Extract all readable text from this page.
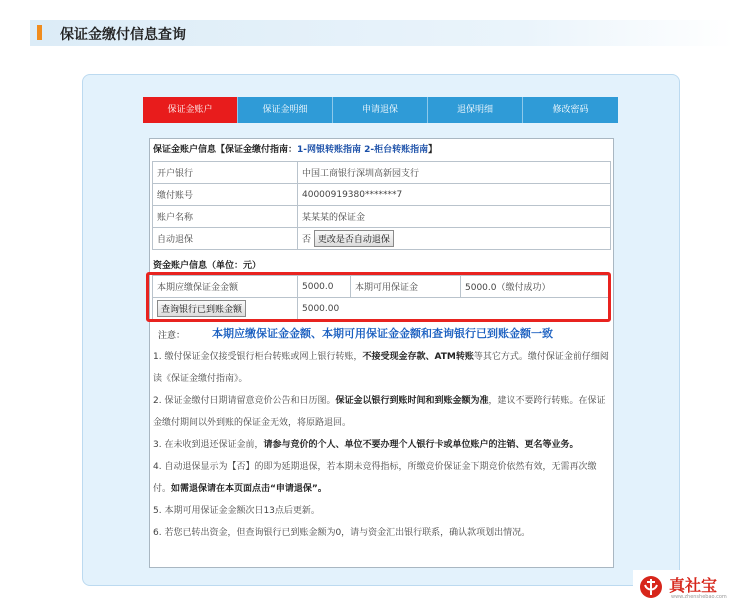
保证金缴付信息查询
保证金账户	保证金明细	申请退保	退保明细	修改密码
保证金账户信息【保证金缴付指南：1-网银转账指南 2-柜台转账指南】
开户银行	中国工商银行深圳高新园支行
缴付账号	40000919380*******7
账户名称	某某某的保证金
自动退保	否 更改是否自动退保
资金账户信息（单位：元）
本期应缴保证金金额	5000.0	本期可用保证金	5000.0（缴付成功）
查询银行已到账金额	5000.00		
注意： 本期应缴保证金金额、本期可用保证金金额和查询银行已到账金额一致
1. 缴付保证金仅接受银行柜台转账或网上银行转账，不接受现金存款、ATM转账等其它方式。缴付保证金前仔细阅读《保证金缴付指南》。
2. 保证金缴付日期请留意竞价公告和日历图。保证金以银行到账时间和到账金额为准，建议不要跨行转账。在保证金缴付期间以外到账的保证金无效，将原路退回。
3. 在未收到退还保证金前，请参与竞价的个人、单位不要办理个人银行卡或单位账户的注销、更名等业务。
4. 自动退保显示为【否】的即为延期退保，若本期未竞得指标，所缴竞价保证金下期竞价依然有效，无需再次缴付。如需退保请在本页面点击“申请退保”。
5. 本期可用保证金金额次日13点后更新。
6. 若您已转出资金，但查询银行已到账金额为0，请与资金汇出银行联系，确认款项划出情况。
真社宝
www.zhenshebao.com
